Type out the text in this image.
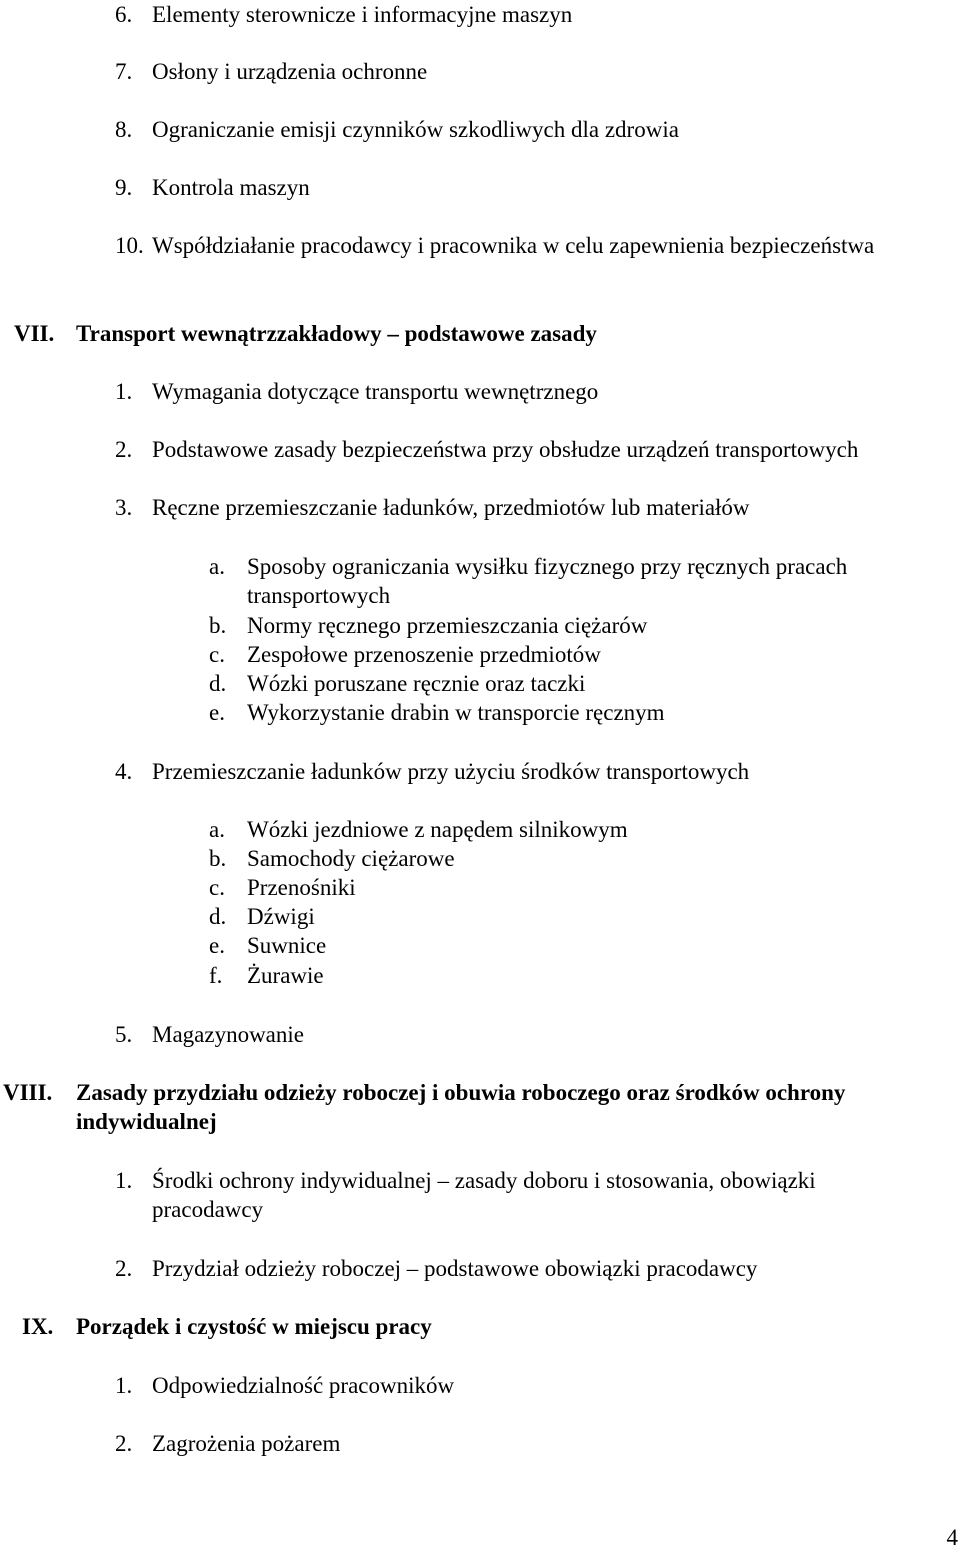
6. Elementy sterownicze i informacyjne maszyn
7. Osłony i urządzenia ochronne
8. Ograniczanie emisji czynników szkodliwych dla zdrowia
9. Kontrola maszyn
10. Współdziałanie pracodawcy i pracownika w celu zapewnienia bezpieczeństwa
VII. Transport wewnątrzzakładowy – podstawowe zasady
1. Wymagania dotyczące transportu wewnętrznego
2. Podstawowe zasady bezpieczeństwa przy obsłudze urządzeń transportowych
3. Ręczne przemieszczanie ładunków, przedmiotów lub materiałów
a. Sposoby ograniczania wysiłku fizycznego przy ręcznych pracach transportowych
b. Normy ręcznego przemieszczania ciężarów
c. Zespołowe przenoszenie przedmiotów
d. Wózki poruszane ręcznie oraz taczki
e. Wykorzystanie drabin w transporcie ręcznym
4. Przemieszczanie ładunków przy użyciu środków transportowych
a. Wózki jezdniowe z napędem silnikowym
b. Samochody ciężarowe
c. Przenośniki
d. Dźwigi
e. Suwnice
f. Żurawie
5. Magazynowanie
VIII. Zasady przydziału odzieży roboczej i obuwia roboczego oraz środków ochrony indywidualnej
1. Środki ochrony indywidualnej – zasady doboru i stosowania, obowiązki pracodawcy
2. Przydział odzieży roboczej – podstawowe obowiązki pracodawcy
IX. Porządek i czystość w miejscu pracy
1. Odpowiedzialność pracowników
2. Zagrożenia pożarem
4
